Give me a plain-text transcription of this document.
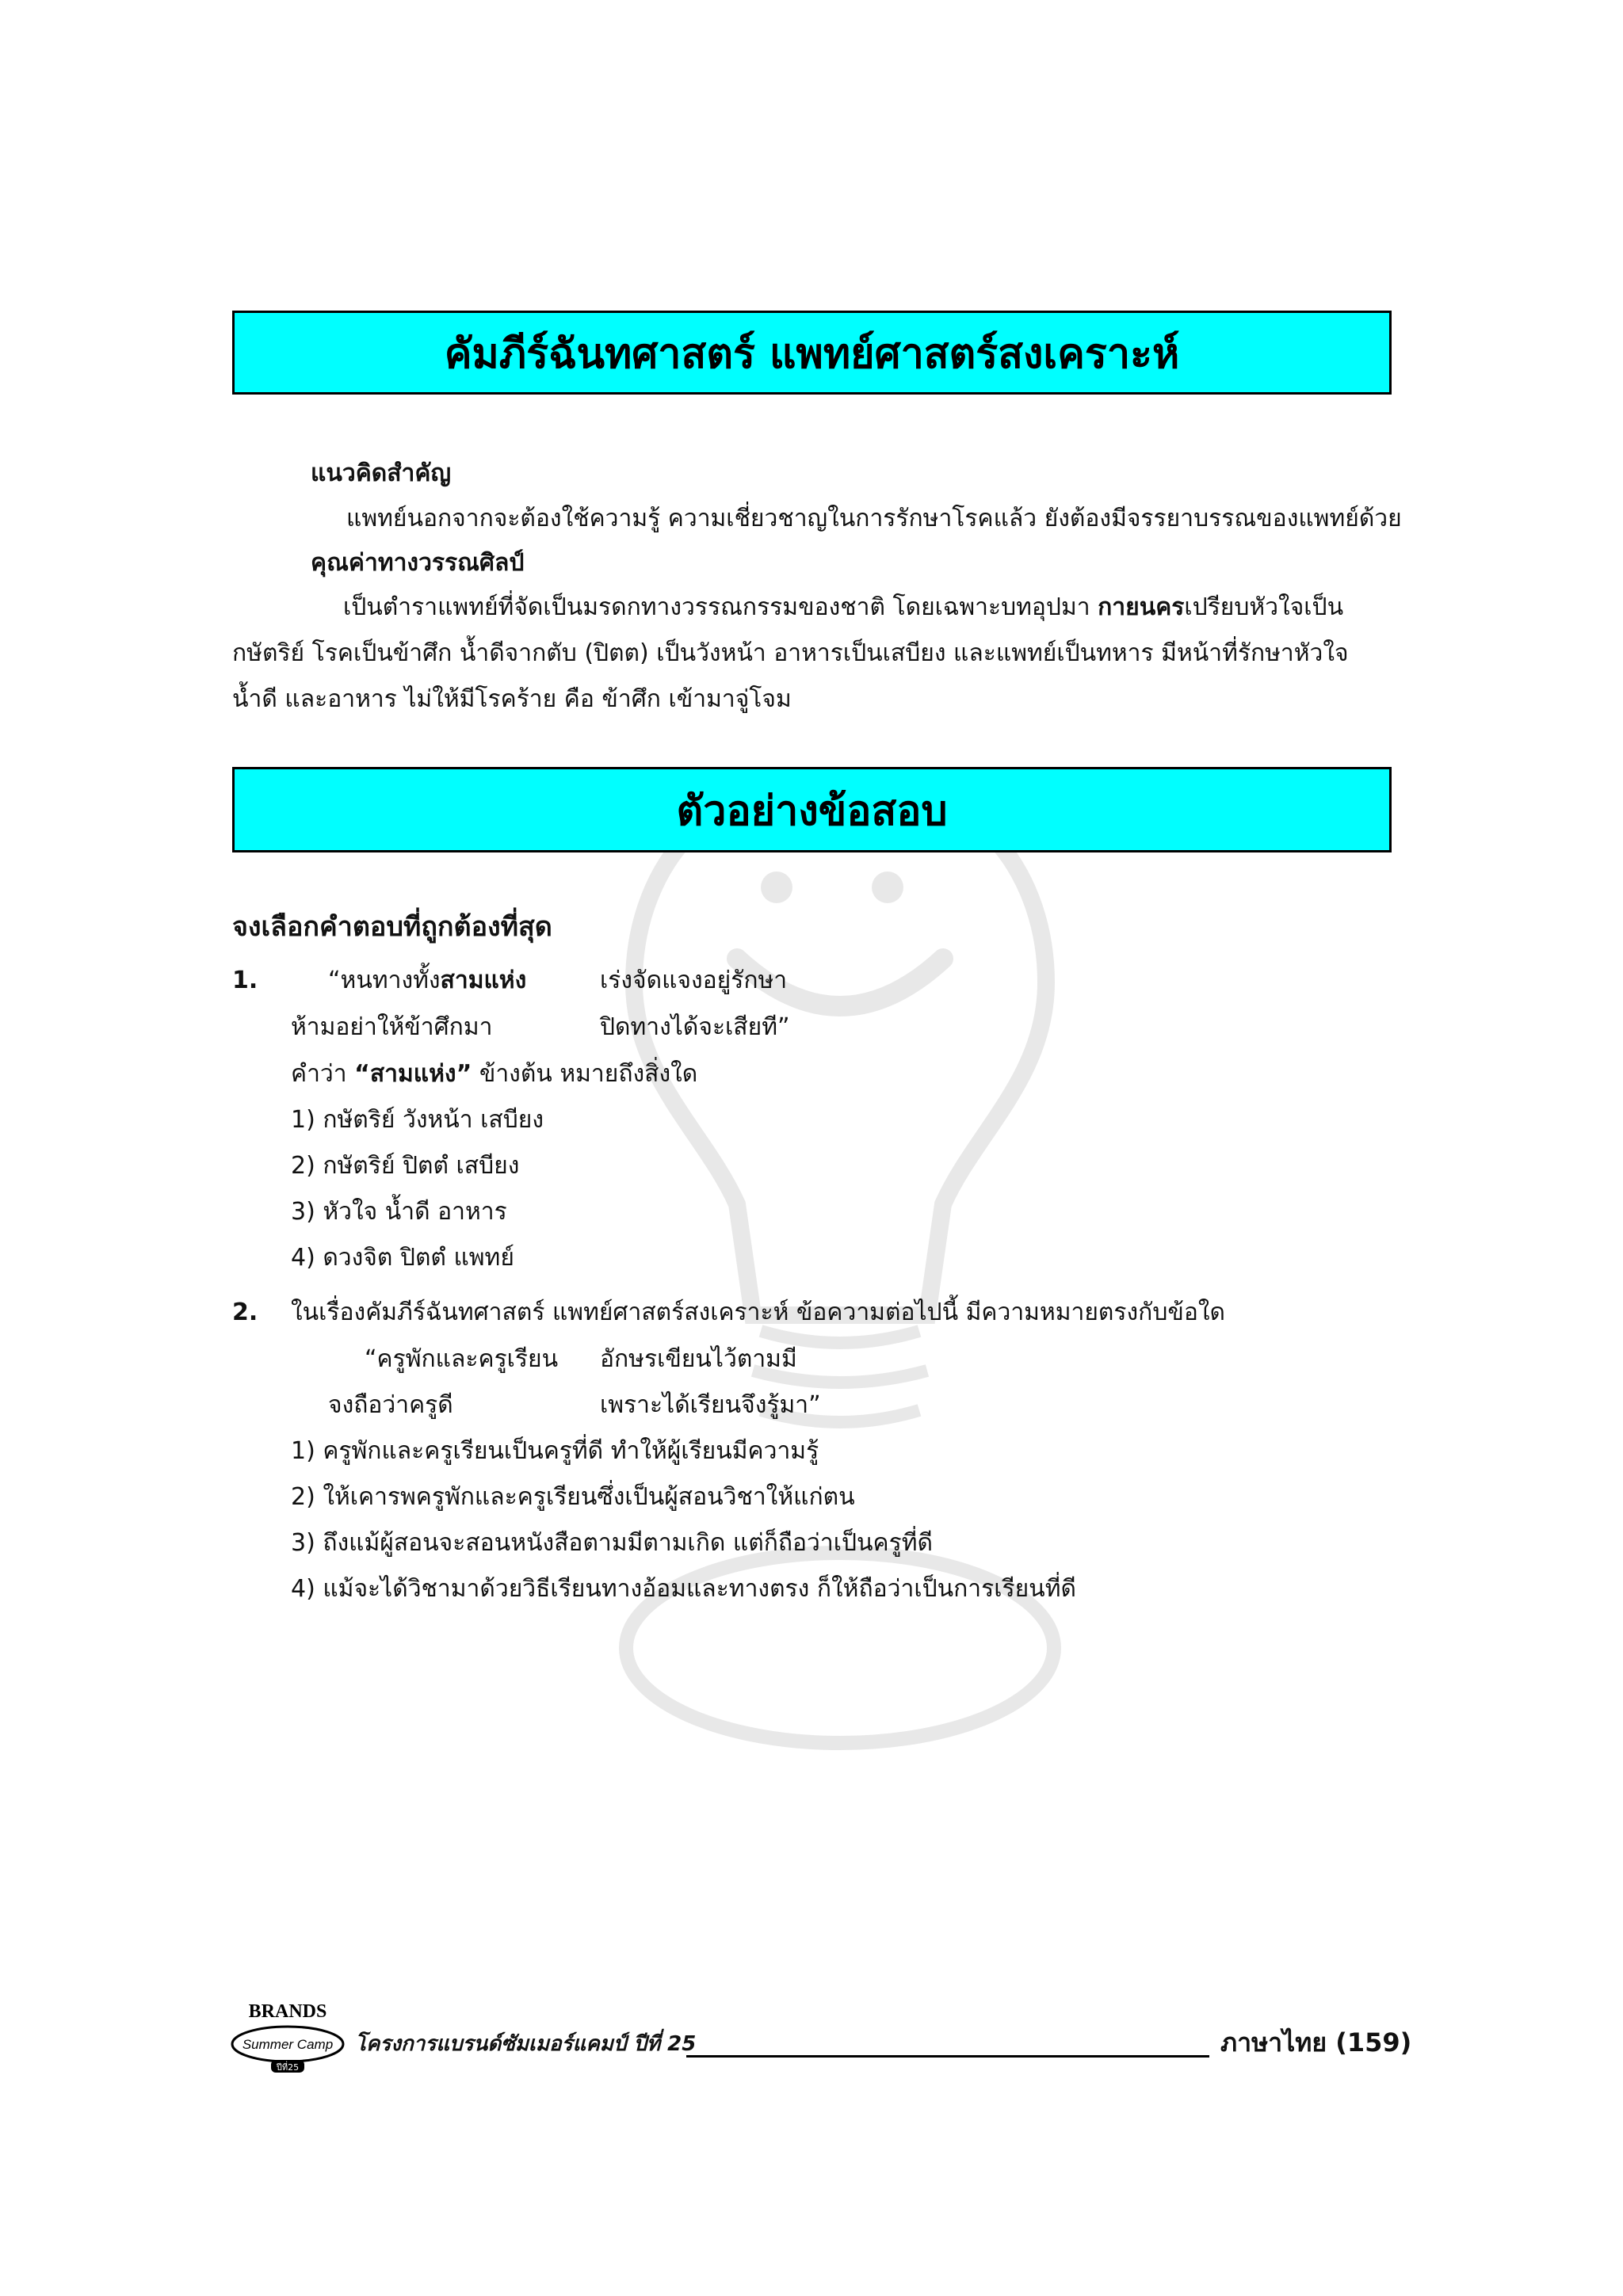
คัมภีร์ฉันทศาสตร์ แพทย์ศาสตร์สงเคราะห์
แนวคิดสำคัญ
แพทย์นอกจากจะต้องใช้ความรู้ ความเชี่ยวชาญในการรักษาโรคแล้ว ยังต้องมีจรรยาบรรณของแพทย์ด้วย
คุณค่าทางวรรณศิลป์
เป็นตำราแพทย์ที่จัดเป็นมรดกทางวรรณกรรมของชาติ โดยเฉพาะบทอุปมา กายนครเปรียบหัวใจเป็นกษัตริย์ โรคเป็นข้าศึก น้ำดีจากตับ (ปิตต) เป็นวังหน้า อาหารเป็นเสบียง และแพทย์เป็นทหาร มีหน้าที่รักษาหัวใจ น้ำดี และอาหาร ไม่ให้มีโรคร้าย คือ ข้าศึก เข้ามาจู่โจม
ตัวอย่างข้อสอบ
จงเลือกคำตอบที่ถูกต้องที่สุด
1.	“หนทางทั้งสามแห่ง	เร่งจัดแจงอยู่รักษา
ห้ามอย่าให้ข้าศึกมา	ปิดทางได้จะเสียที”
คำว่า “สามแห่ง” ข้างต้น หมายถึงสิ่งใด
1) กษัตริย์ วังหน้า เสบียง
2) กษัตริย์ ปิตตํ เสบียง
3) หัวใจ น้ำดี อาหาร
4) ดวงจิต ปิตตํ แพทย์
2. ในเรื่องคัมภีร์ฉันทศาสตร์ แพทย์ศาสตร์สงเคราะห์ ข้อความต่อไปนี้ มีความหมายตรงกับข้อใด
“ครูพักและครูเรียน อักษรเขียนไว้ตามมี
จงถือว่าครูดี	เพราะได้เรียนจึงรู้มา”
1) ครูพักและครูเรียนเป็นครูที่ดี ทำให้ผู้เรียนมีความรู้
2) ให้เคารพครูพักและครูเรียนซึ่งเป็นผู้สอนวิชาให้แก่ตน
3) ถึงแม้ผู้สอนจะสอนหนังสือตามมีตามเกิด แต่ก็ถือว่าเป็นครูที่ดี
4) แม้จะได้วิชามาด้วยวิธีเรียนทางอ้อมและทางตรง ก็ให้ถือว่าเป็นการเรียนที่ดี
BRANDS
Summer Camp
ปีที่25
โครงการแบรนด์ซัมเมอร์แคมป์ ปีที่ 25	ภาษาไทย (159)
